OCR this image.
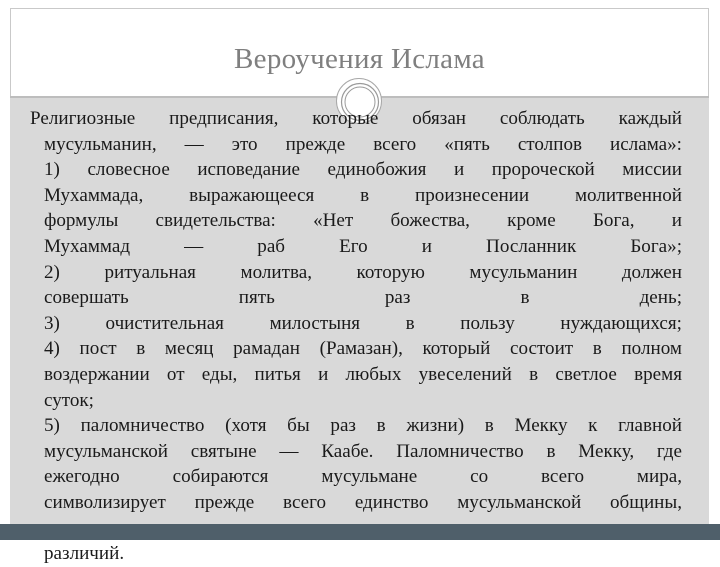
Вероучения Ислама
Религиозные предписания, которые обязан соблюдать каждый
мусульманин, — это прежде всего «пять столпов ислама»:
1) словесное исповедание единобожия и пророческой миссии
Мухаммада, выражающееся в произнесении молитвенной
формулы свидетельства: «Нет божества, кроме Бога, и
Мухаммад — раб Его и Посланник Бога»;
2) ритуальная молитва, которую мусульманин должен
совершать пять раз в день;
3) очистительная милостыня в пользу нуждающихся;
4) пост в месяц рамадан (Рамазан), который состоит в полном
воздержании от еды, питья и любых увеселений в светлое время
суток;
5) паломничество (хотя бы раз в жизни) в Мекку к главной
мусульманской святыне — Каабе. Паломничество в Мекку, где
ежегодно собираются мусульмане со всего мира,
символизирует прежде всего единство мусульманской общины,
различий.
